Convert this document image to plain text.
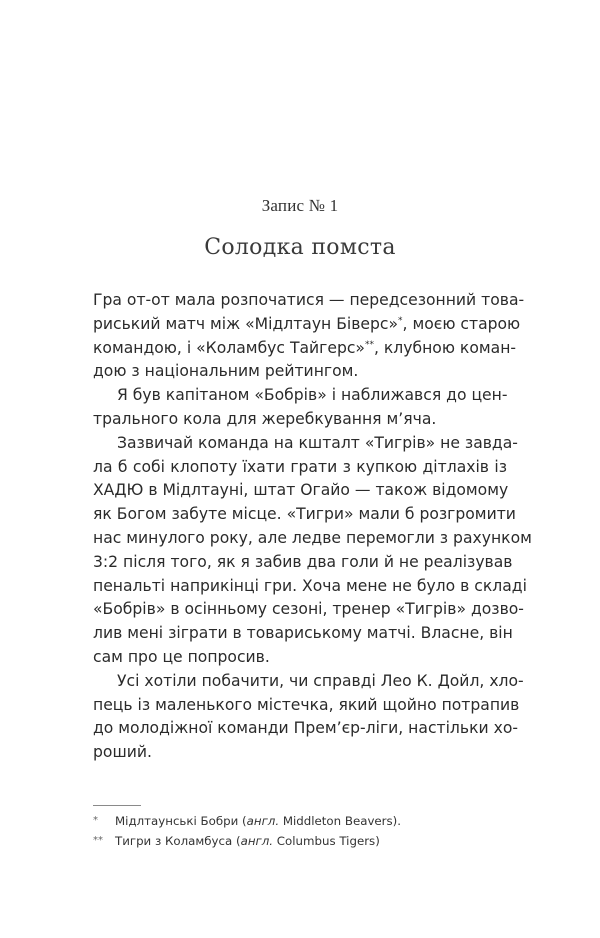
Запис № 1
Солодка помста
Гра от-от мала розпочатися — передсезонний това-
риський матч між «Мідлтаун Біверс»*, моєю старою
командою, і «Коламбус Тайгерс»**, клубною коман-
дою з національним рейтингом.
Я був капітаном «Бобрів» і наближався до цен-
трального кола для жеребкування м’яча.
Зазвичай команда на кшталт «Тигрів» не завда-
ла б собі клопоту їхати грати з купкою дітлахів із
ХАДЮ в Мідлтауні, штат Огайо — також відомому
як Богом забуте місце. «Тигри» мали б розгромити
нас минулого року, але ледве перемогли з рахунком
3:2 після того, як я забив два голи й не реалізував
пенальті наприкінці гри. Хоча мене не було в складі
«Бобрів» в осінньому сезоні, тренер «Тигрів» дозво-
лив мені зіграти в товариському матчі. Власне, він
сам про це попросив.
Усі хотіли побачити, чи справді Лео К. Дойл, хло-
пець із маленького містечка, який щойно потрапив
до молодіжної команди Прем’єр-ліги, настільки хо-
роший.
*	Мідлтаунські Бобри (англ. Middleton Beavers).
**	Тигри з Коламбуса (англ. Columbus Tigers)
